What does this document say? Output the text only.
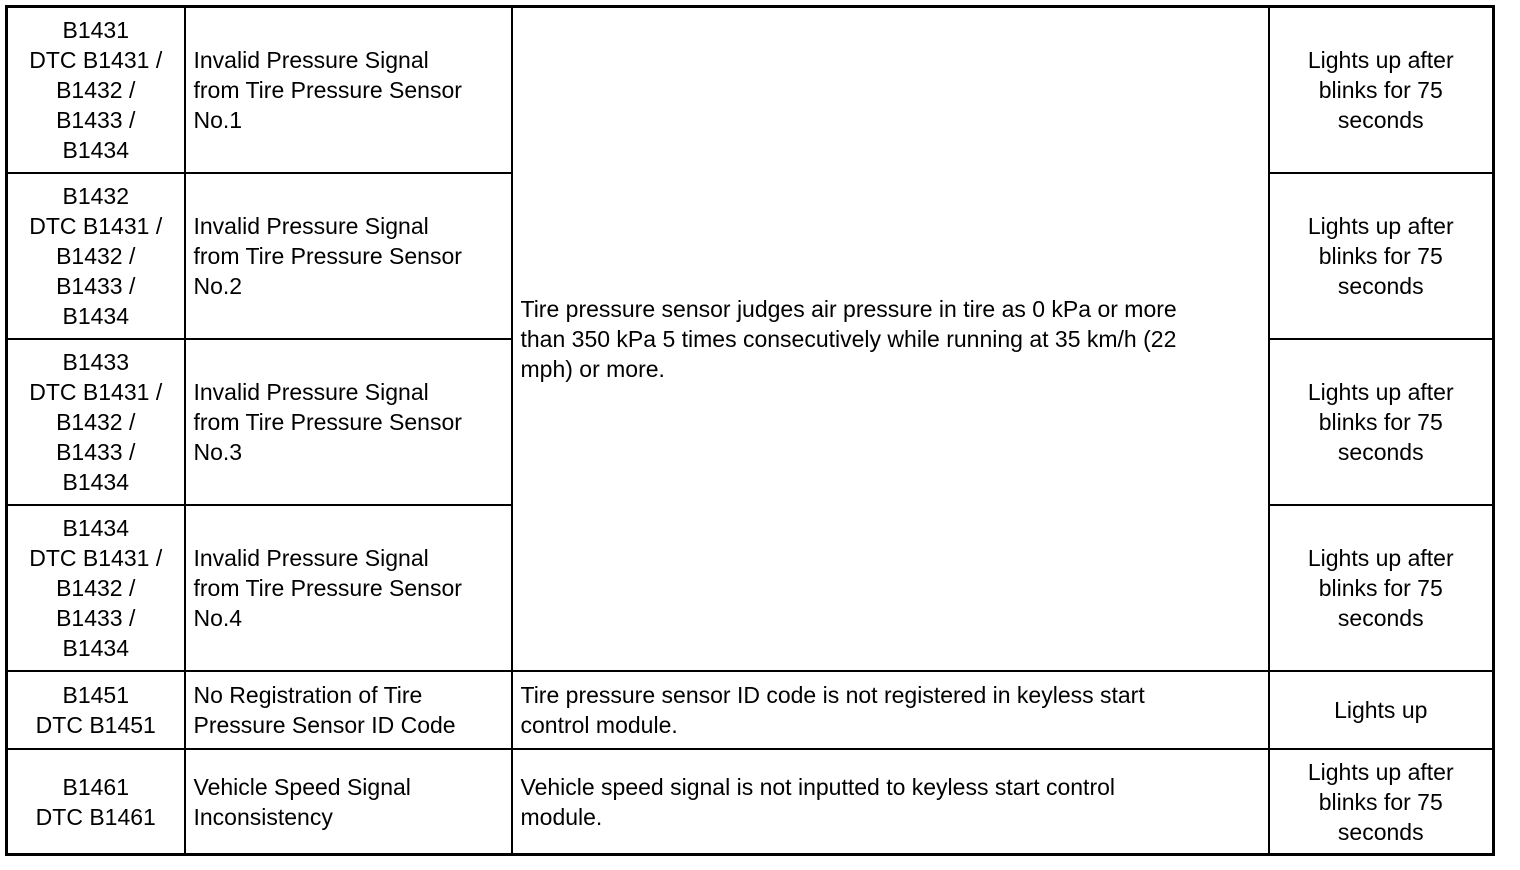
B1431
DTC B1431 /
B1432 /
B1433 /
B1434	Invalid Pressure Signal
from Tire Pressure Sensor
No.1	Tire pressure sensor judges air pressure in tire as 0 kPa or more
than 350 kPa 5 times consecutively while running at 35 km/h (22
mph) or more.	Lights up after
blinks for 75
seconds

B1432
DTC B1431 /
B1432 /
B1433 /
B1434	Invalid Pressure Signal
from Tire Pressure Sensor
No.2		Lights up after
blinks for 75
seconds

B1433
DTC B1431 /
B1432 /
B1433 /
B1434	Invalid Pressure Signal
from Tire Pressure Sensor
No.3		Lights up after
blinks for 75
seconds

B1434
DTC B1431 /
B1432 /
B1433 /
B1434	Invalid Pressure Signal
from Tire Pressure Sensor
No.4		Lights up after
blinks for 75
seconds

B1451
DTC B1451	No Registration of Tire
Pressure Sensor ID Code	Tire pressure sensor ID code is not registered in keyless start
control module.	Lights up

B1461
DTC B1461	Vehicle Speed Signal
Inconsistency	Vehicle speed signal is not inputted to keyless start control
module.	Lights up after
blinks for 75
seconds
